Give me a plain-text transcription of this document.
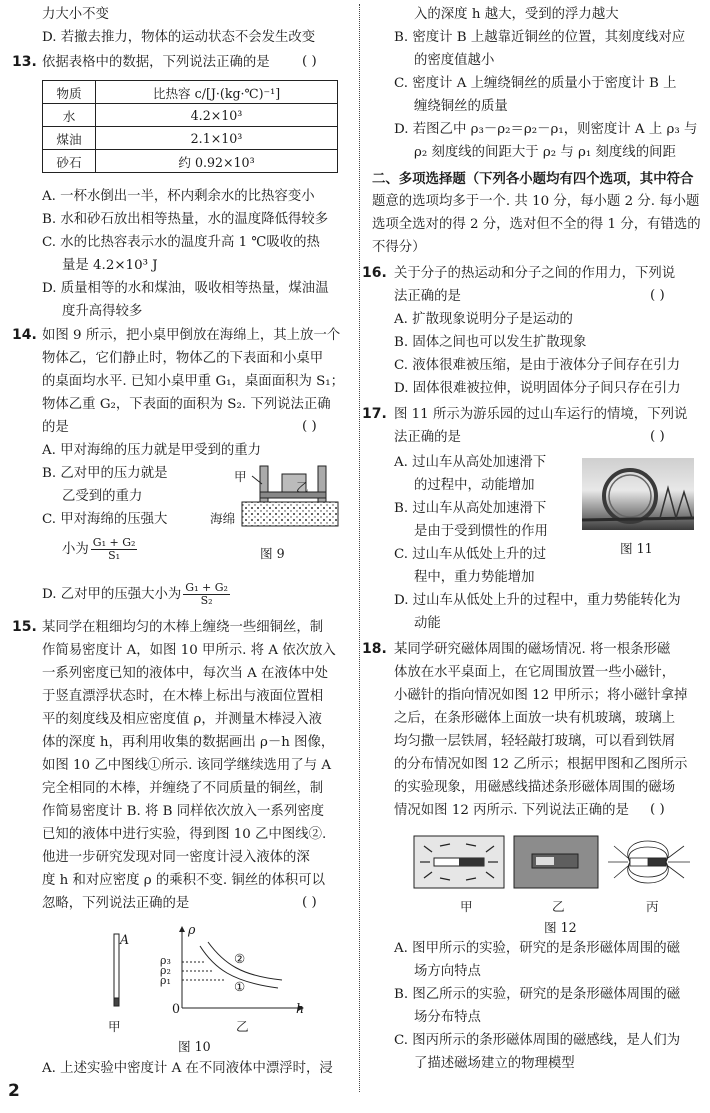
力大小不变
D. 若撤去推力，物体的运动状态不会发生改变
13. 依据表格中的数据，下列说法正确的是 ( )
物质	比热容 c/[J·(kg·℃)⁻¹]
水	4.2×10³
煤油	2.1×10³
砂石	约 0.92×10³
A. 一杯水倒出一半，杯内剩余水的比热容变小
B. 水和砂石放出相等热量，水的温度降低得较多
C. 水的比热容表示水的温度升高 1 ℃吸收的热
量是 4.2×10³ J
D. 质量相等的水和煤油，吸收相等热量，煤油温
度升高得较多
14. 如图 9 所示，把小桌甲倒放在海绵上，其上放一个
物体乙，它们静止时，物体乙的下表面和小桌甲
的桌面均水平. 已知小桌甲重 G₁，桌面面积为 S₁；
物体乙重 G₂，下表面的面积为 S₂. 下列说法正确
的是	( )
A. 甲对海绵的压力就是甲受到的重力
B. 乙对甲的压力就是
乙受到的重力
C. 甲对海绵的压强大
小为 $\frac{\text{G₁ + G₂}}{\text{S₁}}$
D. 乙对甲的压强大小为 $\frac{\text{G₁ + G₂}}{\text{S₂}}$
甲
乙
海绵
图 9
15. 某同学在粗细均匀的木棒上缠绕一些细铜丝，制
作简易密度计 A，如图 10 甲所示. 将 A 依次放入
一系列密度已知的液体中，每次当 A 在液体中处
于竖直漂浮状态时，在木棒上标出与液面位置相
平的刻度线及相应密度值 ρ，并测量木棒浸入液
体的深度 h，再利用收集的数据画出 ρ－h 图像，
如图 10 乙中图线①所示. 该同学继续选用了与 A
完全相同的木棒，并缠绕了不同质量的铜丝，制
作简易密度计 B. 将 B 同样依次放入一系列密度
已知的液体中进行实验，得到图 10 乙中图线②.
他进一步研究发现对同一密度计浸入液体的深
度 h 和对应密度 ρ 的乘积不变. 铜丝的体积可以
忽略，下列说法正确的是	( )
A
ρ
ρ₃
ρ₂
ρ₁
②
①
0	h
甲	乙
图 10
A. 上述实验中密度计 A 在不同液体中漂浮时，浸
2
入的深度 h 越大，受到的浮力越大
B. 密度计 B 上越靠近铜丝的位置，其刻度线对应
的密度值越小
C. 密度计 A 上缠绕铜丝的质量小于密度计 B 上
缠绕铜丝的质量
D. 若图乙中 ρ₃－ρ₂＝ρ₂－ρ₁，则密度计 A 上 ρ₃ 与
ρ₂ 刻度线的间距大于 ρ₂ 与 ρ₁ 刻度线的间距
二、多项选择题（下列各小题均有四个选项，其中符合
题意的选项均多于一个. 共 10 分，每小题 2 分. 每小题
选项全选对的得 2 分，选对但不全的得 1 分，有错选的
不得分）
16. 关于分子的热运动和分子之间的作用力，下列说
法正确的是	( )
A. 扩散现象说明分子是运动的
B. 固体之间也可以发生扩散现象
C. 液体很难被压缩，是由于液体分子间存在引力
D. 固体很难被拉伸，说明固体分子间只存在引力
17. 图 11 所示为游乐园的过山车运行的情境，下列说
法正确的是	( )
A. 过山车从高处加速滑下
的过程中，动能增加
B. 过山车从高处加速滑下
是由于受到惯性的作用
C. 过山车从低处上升的过
程中，重力势能增加
D. 过山车从低处上升的过程中，重力势能转化为
动能
图 11
18. 某同学研究磁体周围的磁场情况. 将一根条形磁
体放在水平桌面上，在它周围放置一些小磁针，
小磁针的指向情况如图 12 甲所示；将小磁针拿掉
之后，在条形磁体上面放一块有机玻璃，玻璃上
均匀撒一层铁屑，轻轻敲打玻璃，可以看到铁屑
的分布情况如图 12 乙所示；根据甲图和乙图所示
的实验现象，用磁感线描述条形磁体周围的磁场
情况如图 12 丙所示. 下列说法正确的是 ( )
甲	乙	丙
图 12
A. 图甲所示的实验，研究的是条形磁体周围的磁
场方向特点
B. 图乙所示的实验，研究的是条形磁体周围的磁
场分布特点
C. 图丙所示的条形磁体周围的磁感线，是人们为
了描述磁场建立的物理模型
